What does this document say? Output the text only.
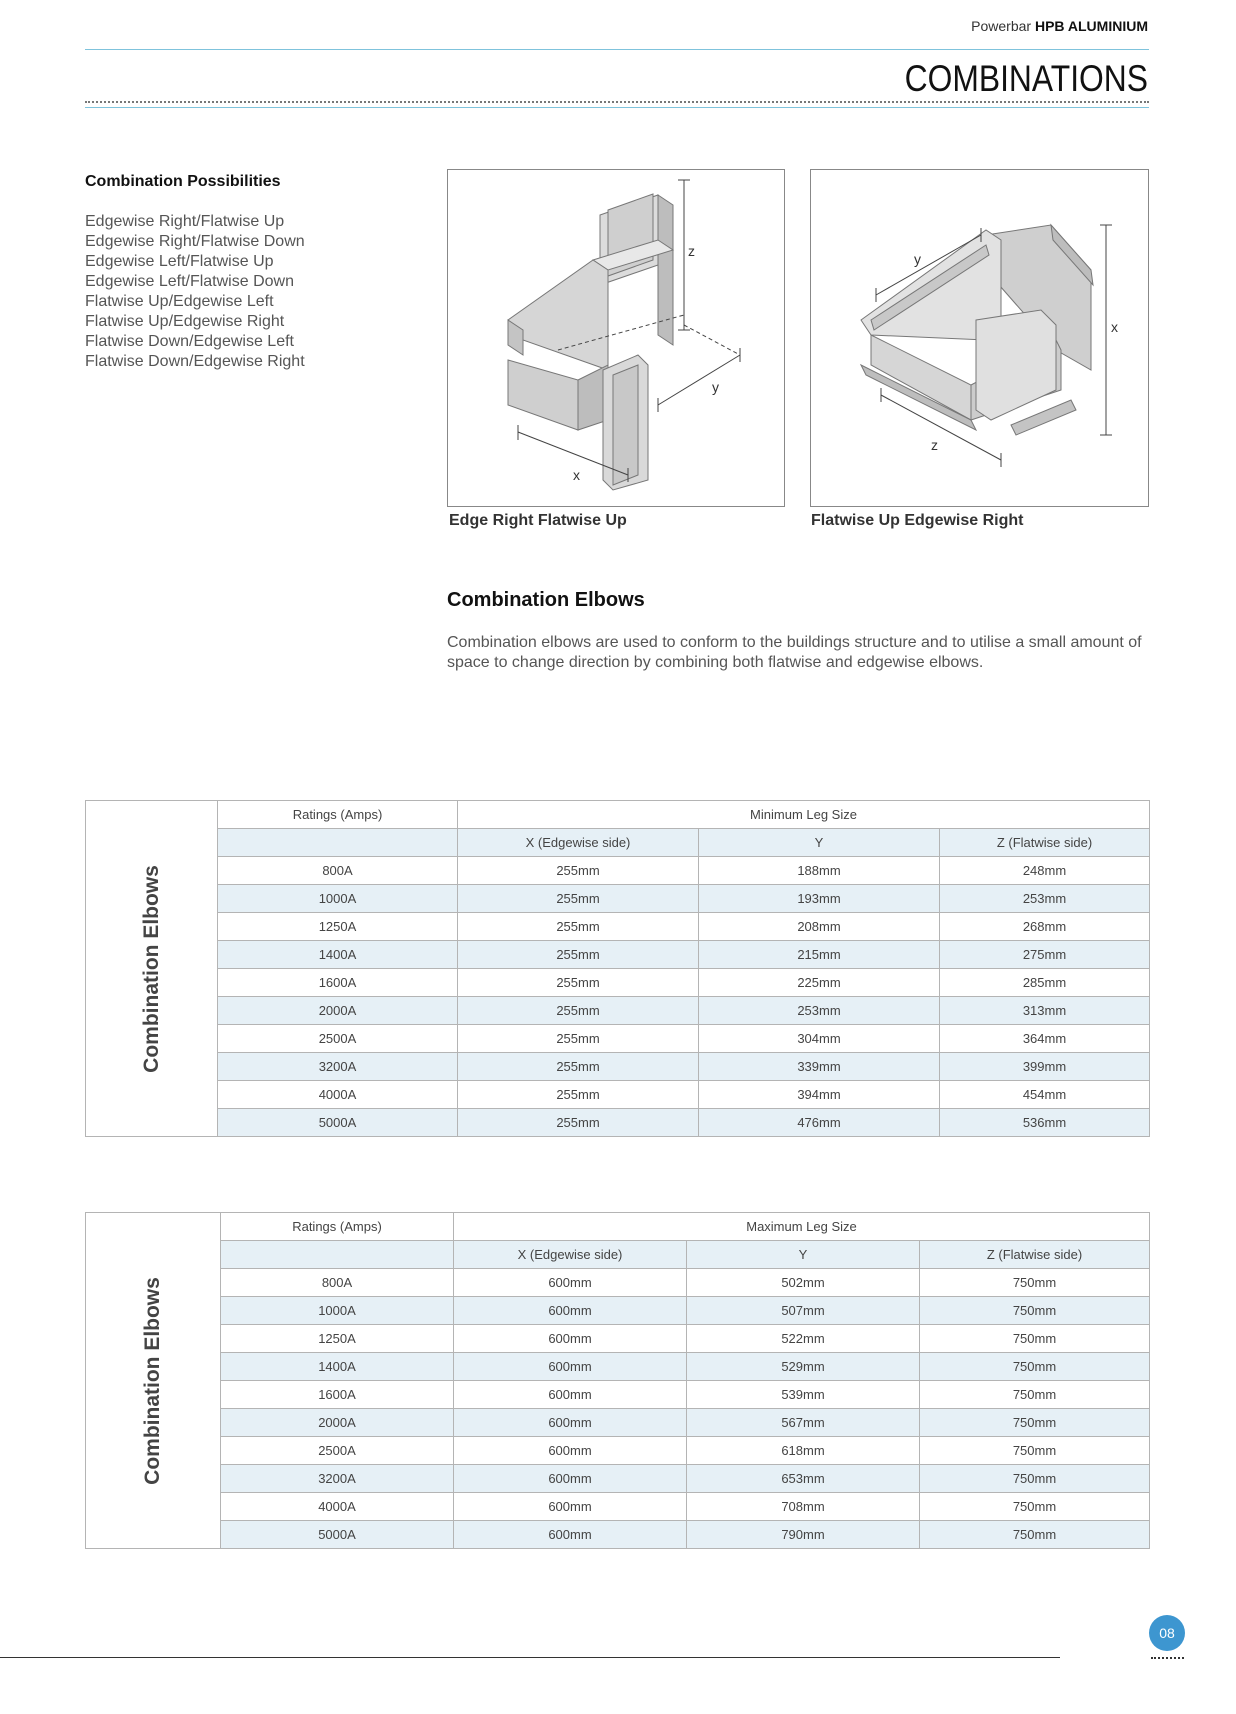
Powerbar HPB ALUMINIUM
COMBINATIONS
Combination Possibilities
Edgewise Right/Flatwise Up
Edgewise Right/Flatwise Down
Edgewise Left/Flatwise Up
Edgewise Left/Flatwise Down
Flatwise Up/Edgewise Left
Flatwise Up/Edgewise Right
Flatwise Down/Edgewise Left
Flatwise Down/Edgewise Right
z
y
x
Edge Right Flatwise Up
x
y
z
Flatwise Up Edgewise Right
Combination Elbows
Combination elbows are used to conform to the buildings structure and to utilise a small amount of space to change direction by combining both flatwise and edgewise elbows.
Combination Elbows	Ratings (Amps)	Minimum Leg Size		
		X (Edgewise side)	Y	Z (Flatwise side)
	800A	255mm	188mm	248mm
	1000A	255mm	193mm	253mm
	1250A	255mm	208mm	268mm
	1400A	255mm	215mm	275mm
	1600A	255mm	225mm	285mm
	2000A	255mm	253mm	313mm
	2500A	255mm	304mm	364mm
	3200A	255mm	339mm	399mm
	4000A	255mm	394mm	454mm
	5000A	255mm	476mm	536mm
Combination Elbows	Ratings (Amps)	Maximum Leg Size		
		X (Edgewise side)	Y	Z (Flatwise side)
	800A	600mm	502mm	750mm
	1000A	600mm	507mm	750mm
	1250A	600mm	522mm	750mm
	1400A	600mm	529mm	750mm
	1600A	600mm	539mm	750mm
	2000A	600mm	567mm	750mm
	2500A	600mm	618mm	750mm
	3200A	600mm	653mm	750mm
	4000A	600mm	708mm	750mm
	5000A	600mm	790mm	750mm
08
